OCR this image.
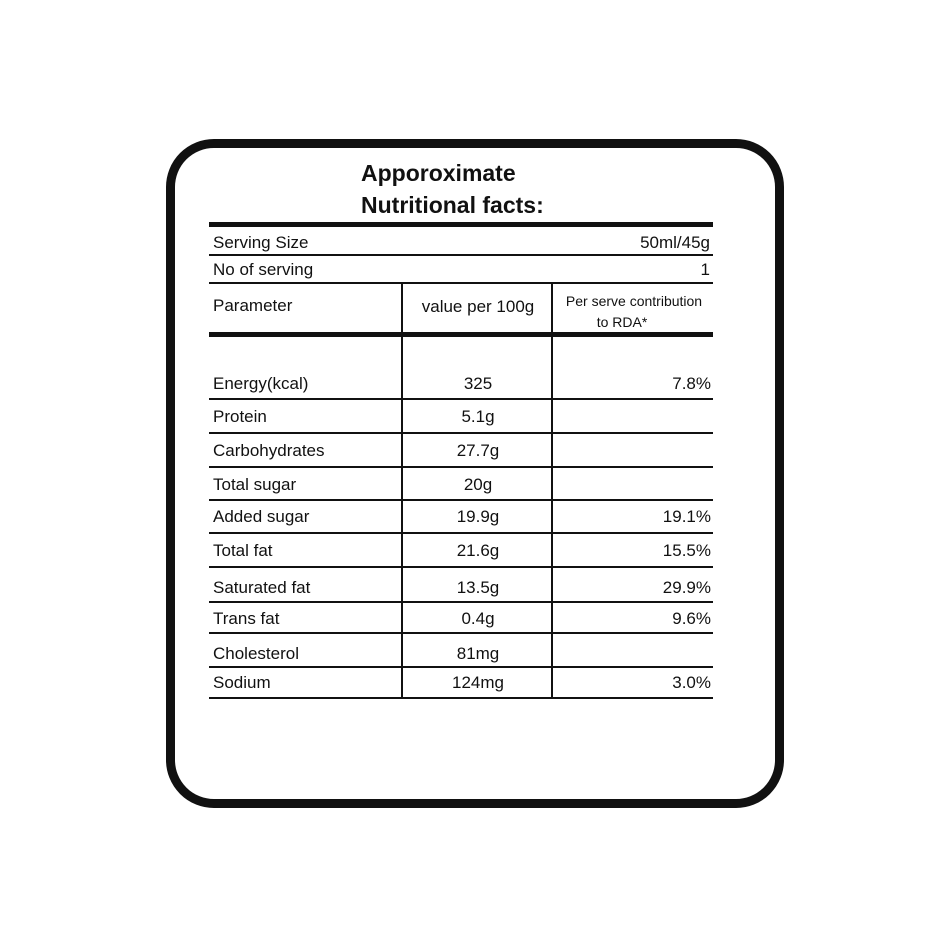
Apporoximate
Nutritional facts:
Serving Size	50ml/45g
No of serving	1
Parameter	value per 100g	Per serve contribution
to RDA*
Energy(kcal)	325	7.8%
Protein	5.1g
Carbohydrates	27.7g
Total sugar	20g
Added sugar	19.9g	19.1%
Total fat	21.6g	15.5%
Saturated fat	13.5g	29.9%
Trans fat	0.4g	9.6%
Cholesterol	81mg
Sodium	124mg	3.0%
